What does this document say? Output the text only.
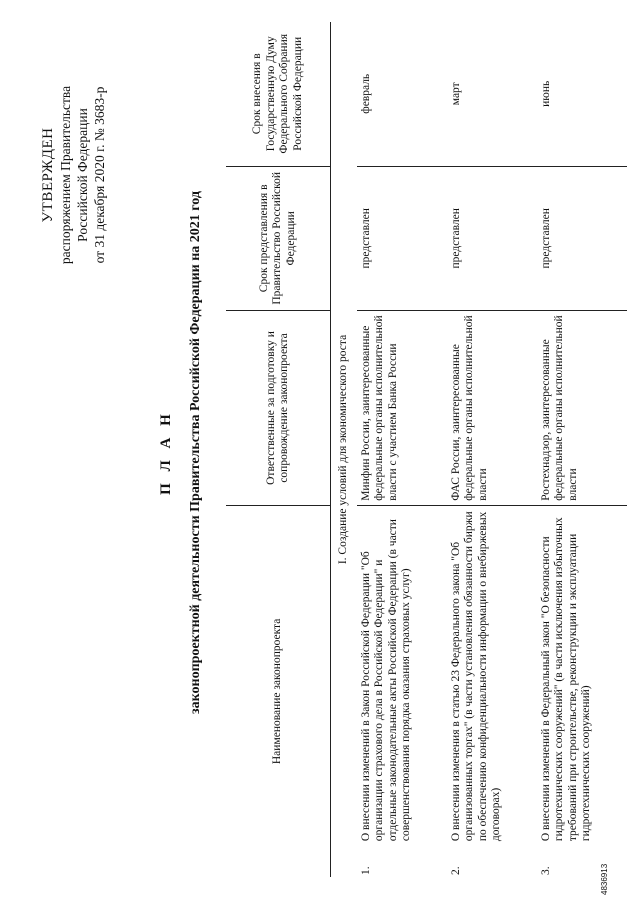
УТВЕРЖДЕН распоряжением Правительства Российской Федерации от 31 декабря 2020 г. № 3683-р
П Л А Н законопроектной деятельности Правительства Российской Федерации на 2021 год	Наименование законопроекта		Ответственные за подготовку и сопровождение законопроекта	Срок представления в Правительство Российской Федерации	Срок внесения в Государственную Думу Федерального Собрания Российской Федерации
I. Создание условий для экономического роста				
1.	О внесении изменений в Закон Российской Федерации "Об организации страхового дела в Российской Федерации" и отдельные законодательные акты Российской Федерации (в части совершенствования порядка оказания страховых услуг)	Минфин России, заинтересованные федеральные органы исполнительной власти с участием Банка России	представлен	февраль
2.	О внесении изменения в статью 23 Федерального закона "Об организованных торгах" (в части установления обязанности биржи по обеспечению конфиденциальности информации о внебиржевых договорах)	ФАС России, заинтересованные федеральные органы исполнительной власти	представлен	март
3.	О внесении изменений в Федеральный закон "О безопасности гидротехнических сооружений" (в части исключения избыточных требований при строительстве, реконструкции и эксплуатации гидротехнических сооружений)	Ростехнадзор, заинтересованные федеральные органы исполнительной власти	представлен	июнь
4836913
